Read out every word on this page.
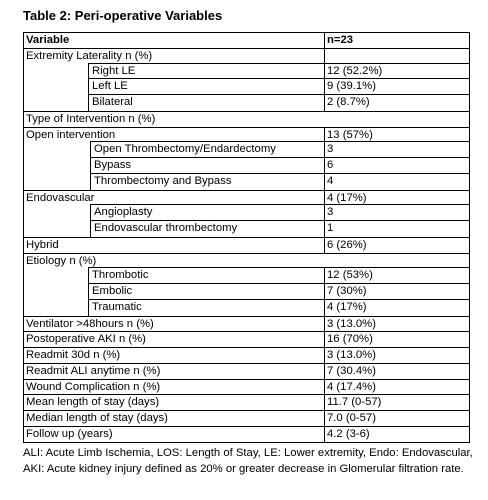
Table 2: Peri-operative Variables
Variable	n=23
Extremity Laterality n (%)
Right LE	12 (52.2%)
Left LE	9 (39.1%)
Bilateral	2 (8.7%)
Type of Intervention n (%)
Open intervention	13 (57%)
Open Thrombectomy/Endardectomy	3
Bypass	6
Thrombectomy and Bypass	4
Endovascular	4 (17%)
Angioplasty	3
Endovascular thrombectomy	1
Hybrid	6 (26%)
Etiology n (%)
Thrombotic	12 (53%)
Embolic	7 (30%)
Traumatic	4 (17%)
Ventilator >48hours n (%)	3 (13.0%)
Postoperative AKI n (%)	16 (70%)
Readmit 30d n (%)	3 (13.0%)
Readmit ALI anytime n (%)	7 (30.4%)
Wound Complication n (%)	4 (17.4%)
Mean length of stay (days)	11.7 (0-57)
Median length of stay (days)	7.0 (0-57)
Follow up (years)	4.2 (3-6)
ALI: Acute Limb Ischemia, LOS: Length of Stay, LE: Lower extremity, Endo: Endovascular, AKI: Acute kidney injury defined as 20% or greater decrease in Glomerular filtration rate.
